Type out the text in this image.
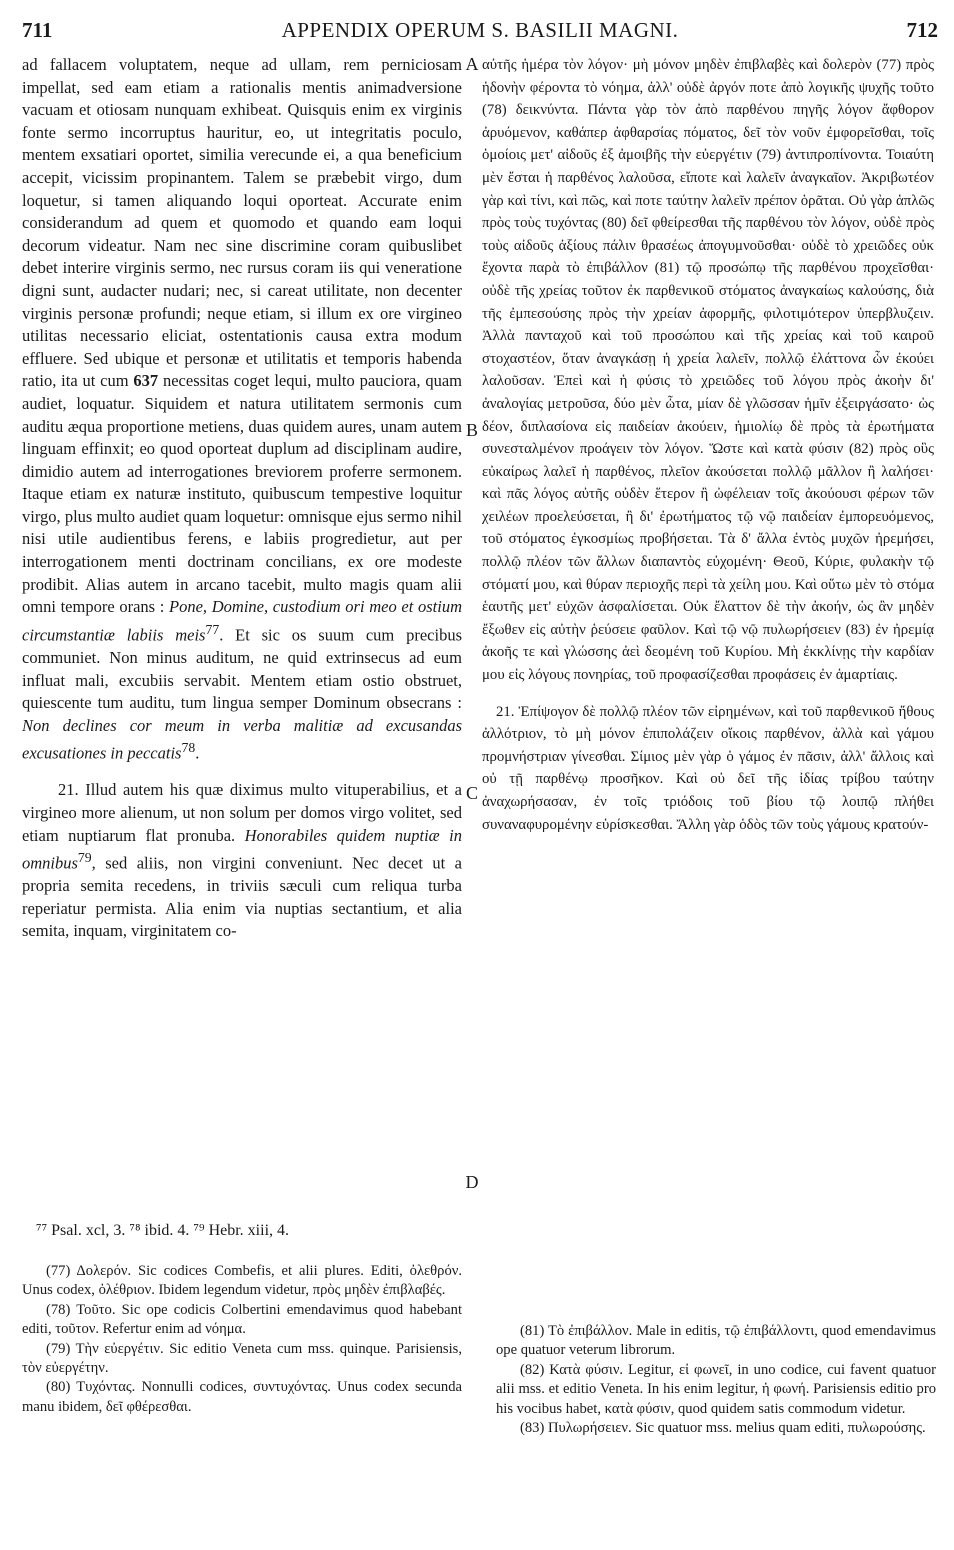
711	APPENDIX OPERUM S. BASILII MAGNI.	712

ad fallacem voluptatem, neque ad ullam, rem perniciosam impellat, sed eam etiam a rationalis mentis animadversione vacuam et otiosam nunquam exhibeat. Quisquis enim ex virginis fonte sermo incorruptus hauritur, eo, ut integritatis poculo, mentem exsatiari oportet, similia verecunde ei, a qua beneficium accepit, vicissim propinantem. Talem se præbebit virgo, dum loquetur, si tamen aliquando loqui oporteat. Accurate enim considerandum ad quem et quomodo et quando eam loqui decorum videatur. Nam nec sine discrimine coram quibuslibet debet interire virginis sermo, nec rursus coram iis qui veneratione digni sunt, audacter nudari; nec, si careat utilitate, non decenter virginis personæ profundi; neque etiam, si illum ex ore virgineo utilitas necessario eliciat, ostentationis causa extra modum effluere. Sed ubique et personæ et utilitatis et temporis habenda ratio, ita ut cum 637 necessitas coget lequi, multo pauciora, quam audiet, loquatur. Siquidem et natura utilitatem sermonis cum auditu æqua proportione metiens, duas quidem aures, unam autem linguam effinxit; eo quod oporteat duplum ad disciplinam audire, dimidio autem ad interrogationes breviorem proferre sermonem. Itaque etiam ex naturæ instituto, quibuscum tempestive loquitur virgo, plus multo audiet quam loquetur: omnisque ejus sermo nihil nisi utile audientibus ferens, e labiis progredietur, aut per interrogationem menti doctrinam concilians, ex ore modeste prodibit. Alias autem in arcano tacebit, multo magis quam alii omni tempore orans : Pone, Domine, custodium ori meo et ostium circumstantiæ labiis meis$^{77}$. Et sic os suum cum precibus communiet. Non minus auditum, ne quid extrinsecus ad eum influat mali, excubiis servabit. Mentem etiam ostio obstruet, quiescente tum auditu, tum lingua semper Dominum obsecrans : Non declines cor meum in verba malitiæ ad excusandas excusationes in peccatis$^{78}$.

21. Illud autem his quæ diximus multo vituperabilius, et a virgineo more alienum, ut non solum per domos virgo volitet, sed etiam nuptiarum flat pronuba. Honorabiles quidem nuptiæ in omnibus$^{79}$, sed aliis, non virgini conveniunt. Nec decet ut a propria semita recedens, in triviis sæculi cum reliqua turba reperiatur permista. Alia enim via nuptias sectantium, et alia semita, inquam, virginitatem co-

A
B
C
D

αὐτῆς ἡμέρα τὸν λόγον· μὴ μόνον μηδὲν ἐπιβλαβὲς καὶ δολερὸν (77) πρὸς ἡδονὴν φέροντα τὸ νόημα, ἀλλ' οὐδὲ ἀργόν ποτε ἀπὸ λογικῆς ψυχῆς τοῦτο (78) δεικνύντα. Πάντα γὰρ τὸν ἀπὸ παρθένου πηγῆς λόγον ἄφθορον ἀρυόμενον, καθάπερ ἀφθαρσίας πόματος, δεῖ τὸν νοῦν ἐμφορεῖσθαι, τοῖς ὁμοίοις μετ' αἰδοῦς ἐξ ἀμοιβῆς τὴν εὐεργέτιν (79) ἀντιπροπίνοντα. Τοιαύτη μὲν ἔσται ἡ παρθένος λαλοῦσα, εἴποτε καὶ λαλεῖν ἀναγκαῖον. Ἀκριβωτέον γὰρ καὶ τίνι, καὶ πῶς, καὶ ποτε ταύτην λαλεῖν πρέπον ὁρᾶται. Οὐ γὰρ ἁπλῶς πρὸς τοὺς τυχόντας (80) δεῖ φθείρεσθαι τῆς παρθένου τὸν λόγον, οὐδὲ πρὸς τοὺς αἰδοῦς ἀξίους πάλιν θρασέως ἀπογυμνοῦσθαι· οὐδὲ τὸ χρειῶδες οὐκ ἔχοντα παρὰ τὸ ἐπιβάλλον (81) τῷ προσώπῳ τῆς παρθένου προχεῖσθαι· οὐδὲ τῆς χρείας τοῦτον ἐκ παρθενικοῦ στόματος ἀναγκαίως καλούσης, διὰ τῆς ἐμπεσούσης πρὸς τὴν χρείαν ἀφορμῆς, φιλοτιμότερον ὑπερβλυζειν. Ἀλλὰ πανταχοῦ καὶ τοῦ προσώπου καὶ τῆς χρείας καὶ τοῦ καιροῦ στοχαστέον, ὅταν ἀναγκάσῃ ἡ χρεία λαλεῖν, πολλῷ ἐλάττονα ὧν ἐκούει λαλοῦσαν. Ἐπεὶ καὶ ἡ φύσις τὸ χρειῶδες τοῦ λόγου πρὸς ἀκοὴν δι' ἀναλογίας μετροῦσα, δύο μὲν ὦτα, μίαν δὲ γλῶσσαν ἡμῖν ἐξειργάσατο· ὡς δέον, διπλασίονα εἰς παιδείαν ἀκούειν, ἡμιολίῳ δὲ πρὸς τὰ ἐρωτήματα συνεσταλμένον προάγειν τὸν λόγον. Ὥστε καὶ κατὰ φύσιν (82) πρὸς οὓς εὐκαίρως λαλεῖ ἡ παρθένος, πλεῖον ἀκούσεται πολλῷ μᾶλλον ἢ λαλήσει· καὶ πᾶς λόγος αὐτῆς οὐδὲν ἕτερον ἢ ὠφέλειαν τοῖς ἀκούουσι φέρων τῶν χειλέων προελεύσεται, ἢ δι' ἐρωτήματος τῷ νῷ παιδείαν ἐμπορευόμενος, τοῦ στόματος ἐγκοσμίως προβήσεται. Τὰ δ' ἄλλα ἐντὸς μυχῶν ἠρεμήσει, πολλῷ πλέον τῶν ἄλλων διαπαντὸς εὐχομένη· Θεοῦ, Κύριε, φυλακὴν τῷ στόματί μου, καὶ θύραν περιοχῆς περὶ τὰ χείλη μου. Καὶ οὕτω μὲν τὸ στόμα ἑαυτῆς μετ' εὐχῶν ἀσφαλίσεται. Οὐκ ἔλαττον δὲ τὴν ἀκοήν, ὡς ἂν μηδὲν ἔξωθεν εἰς αὐτὴν ῥεύσειε φαῦλον. Καὶ τῷ νῷ πυλωρήσειεν (83) ἐν ἠρεμίᾳ ἀκοῆς τε καὶ γλώσσης ἀεὶ δεομένη τοῦ Κυρίου. Μὴ ἐκκλίνῃς τὴν καρδίαν μου εἰς λόγους πονηρίας, τοῦ προφασίζεσθαι προφάσεις ἐν ἁμαρτίαις.

21. Ἐπίψογον δὲ πολλῷ πλέον τῶν εἰρημένων, καὶ τοῦ παρθενικοῦ ἤθους ἀλλότριον, τὸ μὴ μόνον ἐπιπολάζειν οἴκοις παρθένον, ἀλλὰ καὶ γάμου προμνήστριαν γίνεσθαι. Σίμιος μὲν γὰρ ὁ γάμος ἐν πᾶσιν, ἀλλ' ἄλλοις καὶ οὐ τῇ παρθένῳ προσῆκον. Καὶ οὐ δεῖ τῆς ἰδίας τρίβου ταύτην ἀναχωρήσασαν, ἐν τοῖς τριόδοις τοῦ βίου τῷ λοιπῷ πλήθει συναναφυρομένην εὑρίσκεσθαι. Ἄλλη γὰρ ὁδὸς τῶν τοὺς γάμους κρατούν-

⁷⁷ Psal. xcl, 3. ⁷⁸ ibid. 4. ⁷⁹ Hebr. xiii, 4.

(77) Δολερόν. Sic codices Combefis, et alii plures. Editi, ὀλεθρόν. Unus codex, ὀλέθριον. Ibidem legendum videtur, πρὸς μηδὲν ἐπιβλαβές.

(78) Τοῦτο. Sic ope codicis Colbertini emendavimus quod habebant editi, τοῦτον. Refertur enim ad νόημα.

(79) Τὴν εὐεργέτιν. Sic editio Veneta cum mss. quinque. Parisiensis, τὸν εὐεργέτην.

(80) Τυχόντας. Nonnulli codices, συντυχόντας. Unus codex secunda manu ibidem, δεῖ φθέρεσθαι.

(81) Τὸ ἐπιβάλλον. Male in editis, τῷ ἐπιβάλλοντι, quod emendavimus ope quatuor veterum librorum.

(82) Κατὰ φύσιν. Legitur, εἰ φωνεῖ, in uno codice, cui favent quatuor alii mss. et editio Veneta. In his enim legitur, ἡ φωνή. Parisiensis editio pro his vocibus habet, κατὰ φύσιν, quod quidem satis commodum videtur.

(83) Πυλωρήσειεν. Sic quatuor mss. melius quam editi, πυλωρούσης.
